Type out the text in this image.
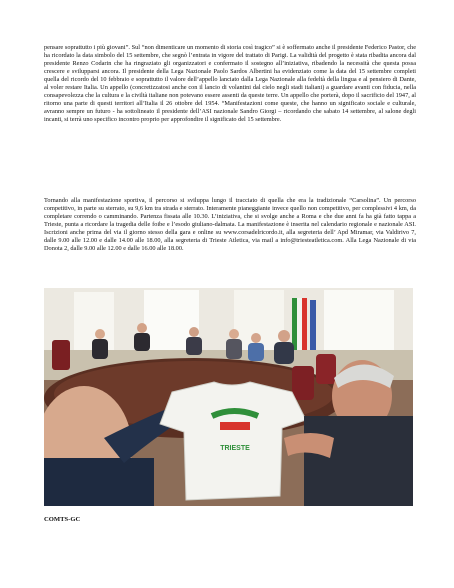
pensare soprattutto i più giovani”. Sul “non dimenticare un momento di storia così tragico” si è soffermato anche il presidente Federico Pastor, che ha ricordato la data simbolo del 15 settembre, che segnò l’entrata in vigore del trattato di Parigi. La validità del progetto è stata ribadita ancora dal presidente Renzo Codarin che ha ringraziato gli organizzatori e confermato il sostegno all’iniziativa, ribadendo la necessità che questa possa crescere e svilupparsi ancora. Il presidente della Lega Nazionale Paolo Sardos Albertini ha evidenziato come la data del 15 settembre completi quella del ricordo del 10 febbraio e soprattutto il valore dell’appello lanciato dalla Lega Nazionale alla fedeltà della lingua e al pensiero di Dante, al voler restare Italia. Un appello (concretizzatosi anche con il lancio di volantini dal cielo negli stadi italiani) a guardare avanti con fiducia, nella consapevolezza che la cultura e la civiltà italiane non potevano essere assenti da queste terre. Un appello che porterà, dopo il sacrificio del 1947, al ritorno una parte di questi territori all’Italia il 26 ottobre del 1954. “Manifestazioni come queste, che hanno un significato sociale e culturale, avranno sempre un futuro - ha sottolineato il presidente dell’ASI nazionale Sandro Giorgi – ricordando che sabato 14 settembre, al salone degli incanti, si terrà uno specifico incontro proprio per approfondire il significato del 15 settembre.

Tornando alla manifestazione sportiva, il percorso si sviluppa lungo il tracciato di quella che era la tradizionale “Carsolina”. Un percorso competitivo, in parte su sterrato, su 9,6 km tra strada e sterrato. Interamente pianeggiante invece quello non competitivo, per complessivi 4 km, da completare correndo o camminando. Partenza fissata alle 10.30. L’iniziativa, che si svolge anche a Roma e che due anni fa ha già fatto tappa a Trieste, punta a ricordare la tragedia delle foibe e l’esodo giuliano-dalmata. La manifestazione è inserita nel calendario regionale e nazionale ASI. Iscrizioni anche prima del via il giorno stesso della gara e online su www.corsadelricordo.it, alla segreteria dell’ Apd Miramar, via Valdirivo 7, dalle 9.00 alle 12.00 e dalle 14.00 alle 18.00, alla segreteria di Trieste Atletica, via mail a info@triesteatletica.com. Alla Lega Nazionale di via Donota 2, dalle 9.00 alle 12.00 e dalle 16.00 alle 18.00.

TRIESTE

COMTS-GC
